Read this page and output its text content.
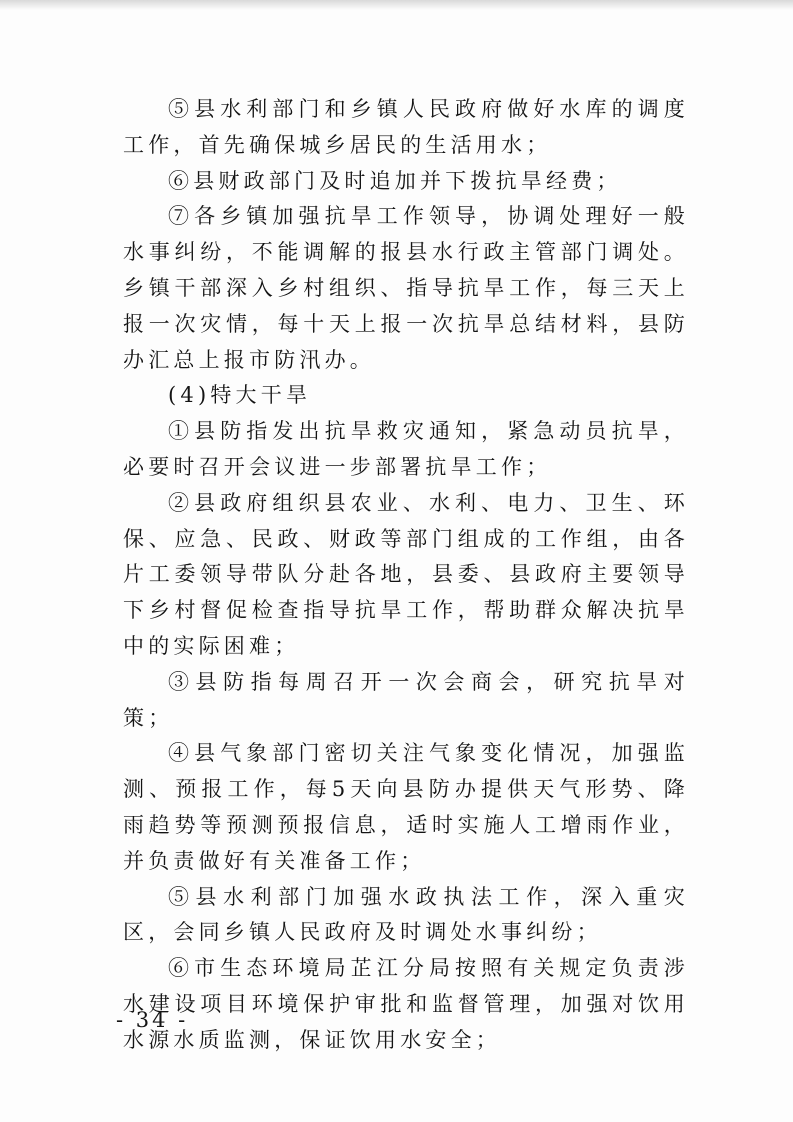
⑤县水利部门和乡镇人民政府做好水库的调度工作，首先确保城乡居民的生活用水；

⑥县财政部门及时追加并下拨抗旱经费；

⑦各乡镇加强抗旱工作领导，协调处理好一般水事纠纷，不能调解的报县水行政主管部门调处。乡镇干部深入乡村组织、指导抗旱工作，每三天上报一次灾情，每十天上报一次抗旱总结材料，县防办汇总上报市防汛办。

(4)特大干旱

①县防指发出抗旱救灾通知，紧急动员抗旱，必要时召开会议进一步部署抗旱工作；

②县政府组织县农业、水利、电力、卫生、环保、应急、民政、财政等部门组成的工作组，由各片工委领导带队分赴各地，县委、县政府主要领导下乡村督促检查指导抗旱工作，帮助群众解决抗旱中的实际困难；

③县防指每周召开一次会商会，研究抗旱对策；

④县气象部门密切关注气象变化情况，加强监测、预报工作，每5天向县防办提供天气形势、降雨趋势等预测预报信息，适时实施人工增雨作业，并负责做好有关准备工作；

⑤县水利部门加强水政执法工作，深入重灾区，会同乡镇人民政府及时调处水事纠纷；

⑥市生态环境局芷江分局按照有关规定负责涉水建设项目环境保护审批和监督管理，加强对饮用水源水质监测，保证饮用水安全；

- 34 -
